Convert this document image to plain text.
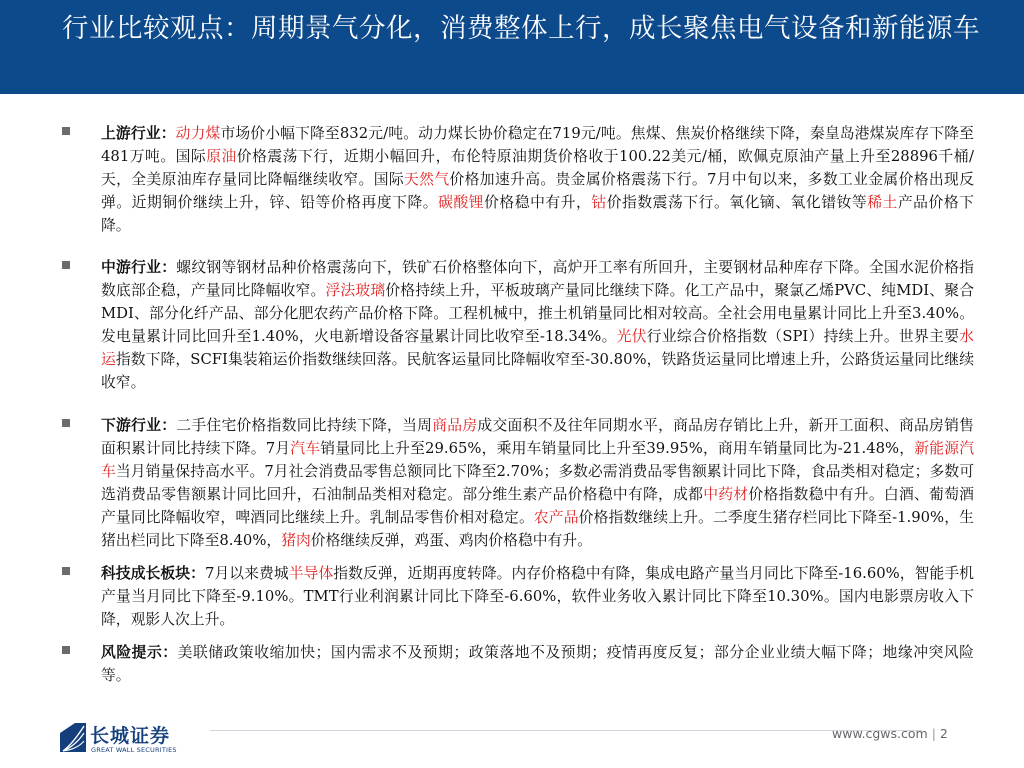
行业比较观点：周期景气分化，消费整体上行，成长聚焦电气设备和新能源车
上游行业：动力煤市场价小幅下降至832元/吨。动力煤长协价稳定在719元/吨。焦煤、焦炭价格继续下降，秦皇岛港煤炭库存下降至481万吨。国际原油价格震荡下行，近期小幅回升，布伦特原油期货价格收于100.22美元/桶，欧佩克原油产量上升至28896千桶/天，全美原油库存量同比降幅继续收窄。国际天然气价格加速升高。贵金属价格震荡下行。7月中旬以来，多数工业金属价格出现反弹。近期铜价继续上升，锌、铅等价格再度下降。碳酸锂价格稳中有升，钴价指数震荡下行。氧化镝、氧化镨钕等稀土产品价格下降。
中游行业：螺纹钢等钢材品种价格震荡向下，铁矿石价格整体向下，高炉开工率有所回升，主要钢材品种库存下降。全国水泥价格指数底部企稳，产量同比降幅收窄。浮法玻璃价格持续上升，平板玻璃产量同比继续下降。化工产品中，聚氯乙烯PVC、纯MDI、聚合MDI、部分化纤产品、部分化肥农药产品价格下降。工程机械中，推土机销量同比相对较高。全社会用电量累计同比上升至3.40%。发电量累计同比回升至1.40%，火电新增设备容量累计同比收窄至-18.34%。光伏行业综合价格指数（SPI）持续上升。世界主要水运指数下降，SCFI集装箱运价指数继续回落。民航客运量同比降幅收窄至-30.80%，铁路货运量同比增速上升，公路货运量同比继续收窄。
下游行业：二手住宅价格指数同比持续下降，当周商品房成交面积不及往年同期水平，商品房存销比上升，新开工面积、商品房销售面积累计同比持续下降。7月汽车销量同比上升至29.65%，乘用车销量同比上升至39.95%，商用车销量同比为-21.48%，新能源汽车当月销量保持高水平。7月社会消费品零售总额同比下降至2.70%；多数必需消费品零售额累计同比下降，食品类相对稳定；多数可选消费品零售额累计同比回升，石油制品类相对稳定。部分维生素产品价格稳中有降，成都中药材价格指数稳中有升。白酒、葡萄酒产量同比降幅收窄，啤酒同比继续上升。乳制品零售价相对稳定。农产品价格指数继续上升。二季度生猪存栏同比下降至-1.90%，生猪出栏同比下降至8.40%，猪肉价格继续反弹，鸡蛋、鸡肉价格稳中有升。
科技成长板块：7月以来费城半导体指数反弹，近期再度转降。内存价格稳中有降，集成电路产量当月同比下降至-16.60%，智能手机产量当月同比下降至-9.10%。TMT行业利润累计同比下降至-6.60%，软件业务收入累计同比下降至10.30%。国内电影票房收入下降，观影人次上升。
风险提示：美联储政策收缩加快；国内需求不及预期；政策落地不及预期；疫情再度反复；部分企业业绩大幅下降；地缘冲突风险等。
长城证券
GREAT WALL SECURITIES
www.cgws.com | 2
